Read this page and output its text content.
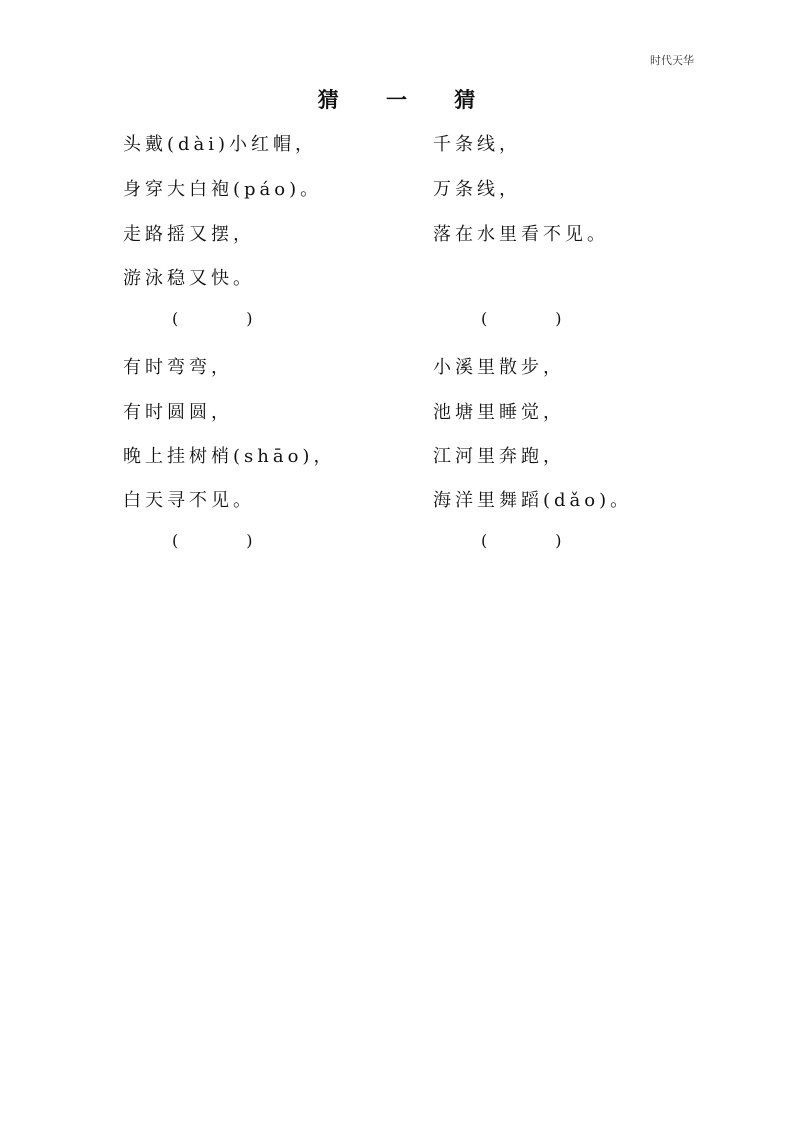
时代天华
猜 一 猜
头戴(dài)小红帽，
身穿大白袍(páo)。
走路摇又摆，
游泳稳又快。
(	)
千条线，
万条线，
落在水里看不见。
(	)
有时弯弯，
有时圆圆，
晚上挂树梢(shāo)，
白天寻不见。
(	)
小溪里散步，
池塘里睡觉，
江河里奔跑，
海洋里舞蹈(dǎo)。
(	)
